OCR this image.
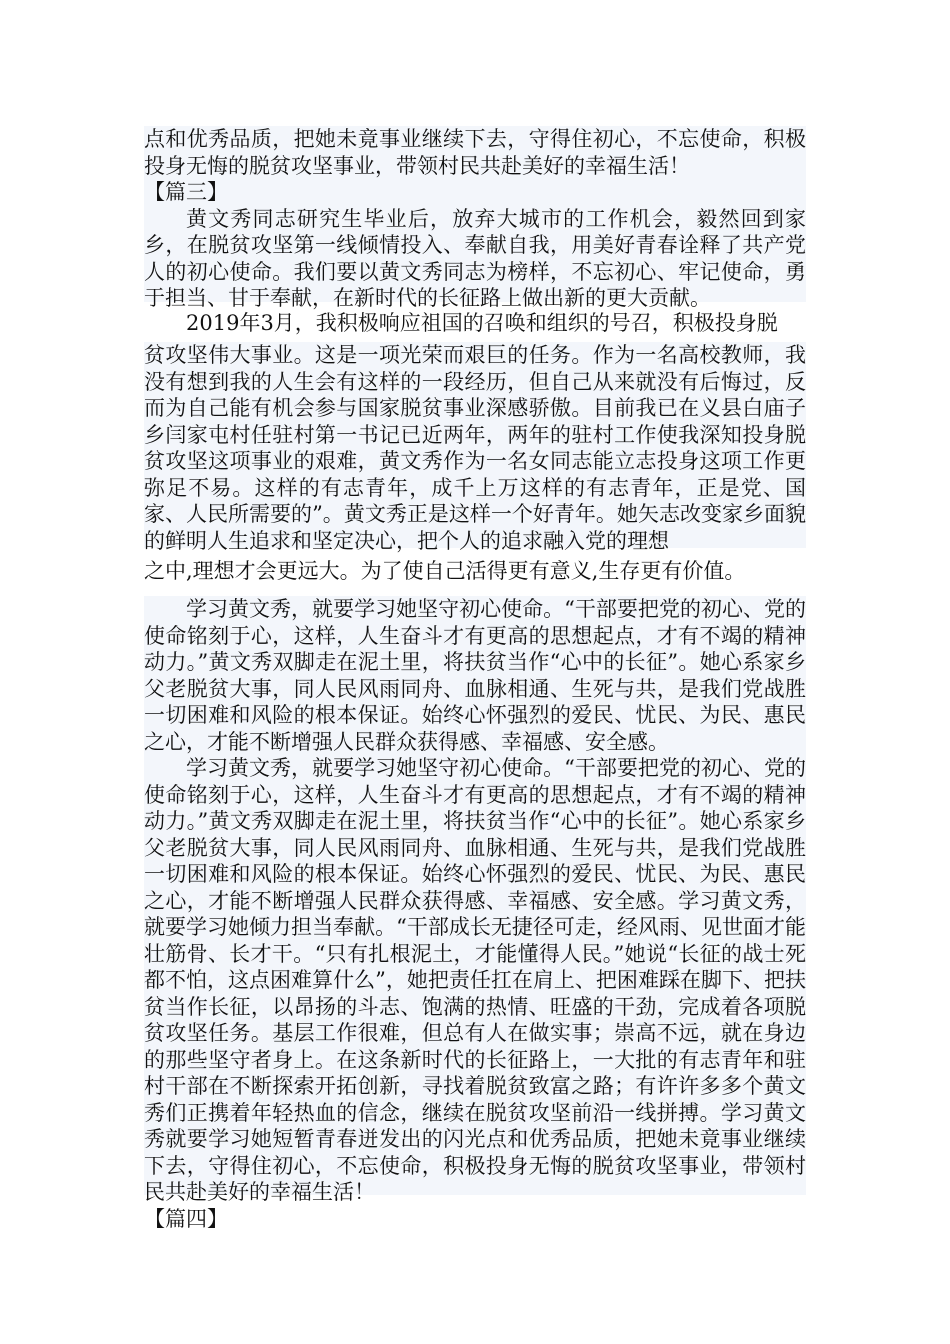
点和优秀品质，把她未竟事业继续下去，守得住初心，不忘使命，积极投身无悔的脱贫攻坚事业，带领村民共赴美好的幸福生活！

【篇三】

黄文秀同志研究生毕业后，放弃大城市的工作机会，毅然回到家乡，在脱贫攻坚第一线倾情投入、奉献自我，用美好青春诠释了共产党人的初心使命。我们要以黄文秀同志为榜样，不忘初心、牢记使命，勇于担当、甘于奉献，在新时代的长征路上做出新的更大贡献。

2019年3月，我积极响应祖国的召唤和组织的号召，积极投身脱

贫攻坚伟大事业。这是一项光荣而艰巨的任务。作为一名高校教师，我没有想到我的人生会有这样的一段经历，但自己从来就没有后悔过，反而为自己能有机会参与国家脱贫事业深感骄傲。目前我已在义县白庙子乡闫家屯村任驻村第一书记已近两年，两年的驻村工作使我深知投身脱贫攻坚这项事业的艰难，黄文秀作为一名女同志能立志投身这项工作更弥足不易。这样的有志青年，成千上万这样的有志青年，正是党、国家、人民所需要的”。黄文秀正是这样一个好青年。她矢志改变家乡面貌的鲜明人生追求和坚定决心，把个人的追求融入党的理想

之中,理想才会更远大。为了使自己活得更有意义,生存更有价值。

学习黄文秀，就要学习她坚守初心使命。“干部要把党的初心、党的使命铭刻于心，这样，人生奋斗才有更高的思想起点，才有不竭的精神动力。”黄文秀双脚走在泥土里，将扶贫当作“心中的长征”。她心系家乡父老脱贫大事，同人民风雨同舟、血脉相通、生死与共，是我们党战胜一切困难和风险的根本保证。始终心怀强烈的爱民、忧民、为民、惠民之心，才能不断增强人民群众获得感、幸福感、安全感。

学习黄文秀，就要学习她坚守初心使命。“干部要把党的初心、党的使命铭刻于心，这样，人生奋斗才有更高的思想起点，才有不竭的精神动力。”黄文秀双脚走在泥土里，将扶贫当作“心中的长征”。她心系家乡父老脱贫大事，同人民风雨同舟、血脉相通、生死与共，是我们党战胜一切困难和风险的根本保证。始终心怀强烈的爱民、忧民、为民、惠民之心，才能不断增强人民群众获得感、幸福感、安全感。学习黄文秀，就要学习她倾力担当奉献。“干部成长无捷径可走，经风雨、见世面才能壮筋骨、长才干。“只有扎根泥土，才能懂得人民。”她说“长征的战士死都不怕，这点困难算什么”，她把责任扛在肩上、把困难踩在脚下、把扶贫当作长征，以昂扬的斗志、饱满的热情、旺盛的干劲，完成着各项脱贫攻坚任务。基层工作很难，但总有人在做实事；崇高不远，就在身边的那些坚守者身上。在这条新时代的长征路上，一大批的有志青年和驻村干部在不断探索开拓创新，寻找着脱贫致富之路；有许许多多个黄文秀们正携着年轻热血的信念，继续在脱贫攻坚前沿一线拼搏。学习黄文秀就要学习她短暂青春迸发出的闪光点和优秀品质，把她未竟事业继续下去，守得住初心，不忘使命，积极投身无悔的脱贫攻坚事业，带领村民共赴美好的幸福生活！

【篇四】
